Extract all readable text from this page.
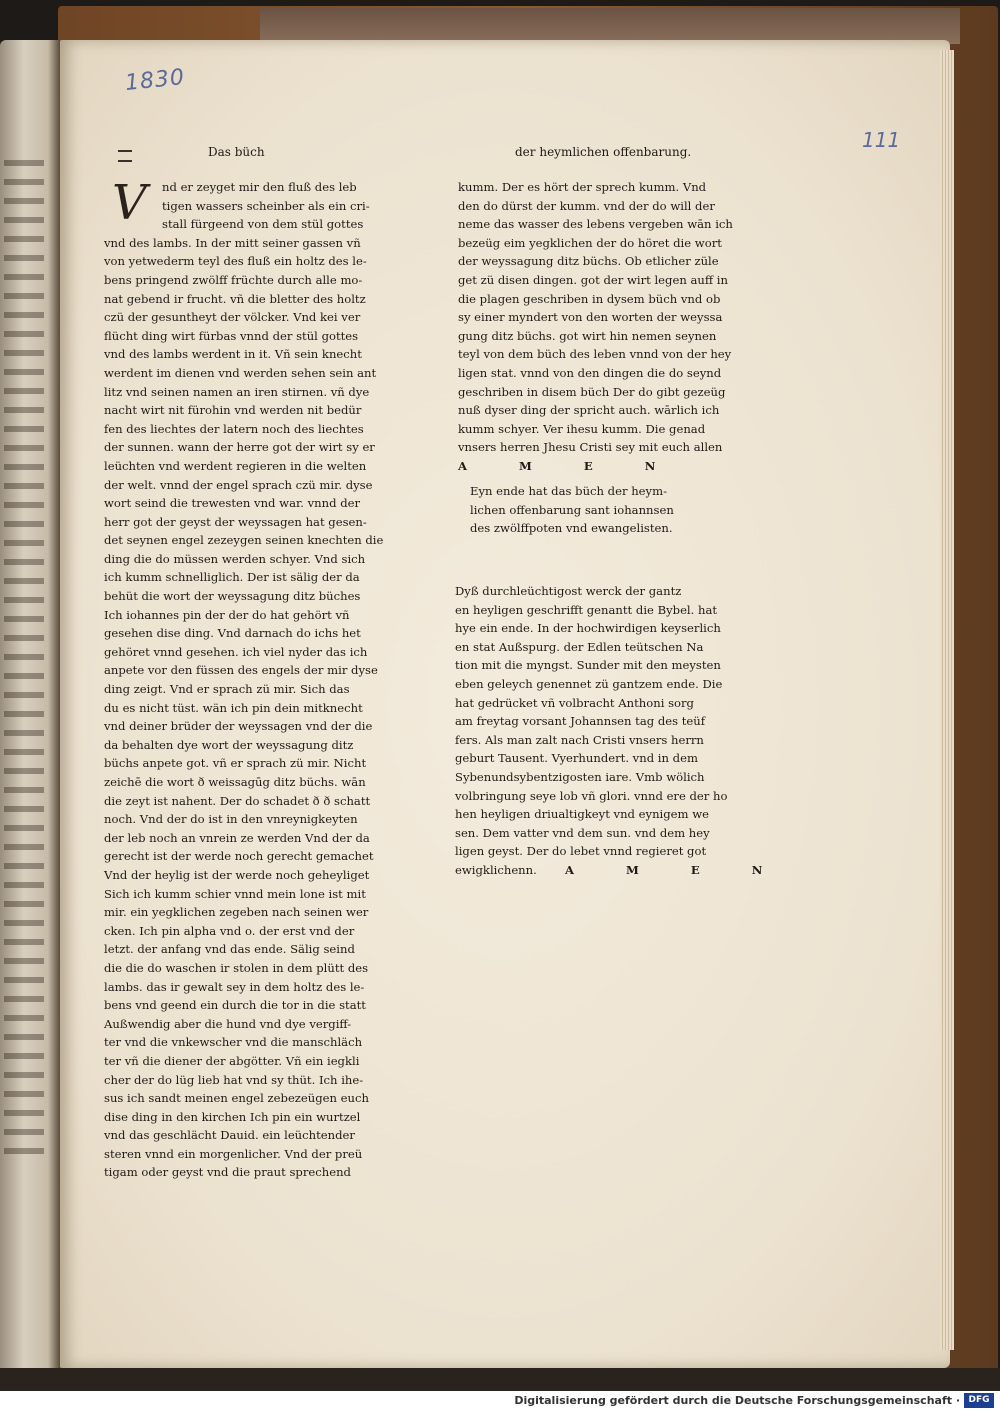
1830
111
Das büch	der heymlichen offenbarung.
V	nd er zeyget mir den fluß des leb
tigen wassers scheinber als ein cri-
stall fürgeend von dem stül gottes
vnd des lambs. In der mitt seiner gassen vñ
von yetwederm teyl des fluß ein holtz des le-
bens pringend zwölff früchte durch alle mo-
nat gebend ir frucht. vñ die bletter des holtz
czü der gesuntheyt der völcker. Vnd kei ver
flücht ding wirt fürbas vnnd der stül gottes
vnd des lambs werdent in it. Vñ sein knecht
werdent im dienen vnd werden sehen sein ant
litz vnd seinen namen an iren stirnen. vñ dye
nacht wirt nit fürohin vnd werden nit bedür
fen des liechtes der latern noch des liechtes
der sunnen. wann der herre got der wirt sy er
leüchten vnd werdent regieren in die welten
der welt. vnnd der engel sprach czü mir. dyse
wort seind die trewesten vnd war. vnnd der
herr got der geyst der weyssagen hat gesen-
det seynen engel zezeygen seinen knechten die
ding die do müssen werden schyer. Vnd sich
ich kumm schnelliglich. Der ist sälig der da
behüt die wort der weyssagung ditz büches
Ich iohannes pin der der do hat gehört vñ
gesehen dise ding. Vnd darnach do ichs het
gehöret vnnd gesehen. ich viel nyder das ich
anpete vor den füssen des engels der mir dyse
ding zeigt. Vnd er sprach zü mir. Sich das
du es nicht tüst. wän ich pin dein mitknecht
vnd deiner brüder der weyssagen vnd der die
da behalten dye wort der weyssagung ditz
büchs anpete got. vñ er sprach zü mir. Nicht
zeichē die wort ð weissagūg ditz büchs. wān
die zeyt ist nahent. Der do schadet ð ð schatt
noch. Vnd der do ist in den vnreynigkeyten
der leb noch an vnrein ze werden Vnd der da
gerecht ist der werde noch gerecht gemachet
Vnd der heylig ist der werde noch geheyliget
Sich ich kumm schier vnnd mein lone ist mit
mir. ein yegklichen zegeben nach seinen wer
cken. Ich pin alpha vnd o. der erst vnd der
letzt. der anfang vnd das ende. Sälig seind
die die do waschen ir stolen in dem plütt des
lambs. das ir gewalt sey in dem holtz des le-
bens vnd geend ein durch die tor in die statt
Außwendig aber die hund vnd dye vergiff-
ter vnd die vnkewscher vnd die manschläch
ter vñ die diener der abgötter. Vñ ein iegkli
cher der do lüg lieb hat vnd sy thüt. Ich ihe-
sus ich sandt meinen engel zebezeügen euch
dise ding in den kirchen Ich pin ein wurtzel
vnd das geschlächt Dauid. ein leüchtender
steren vnnd ein morgenlicher. Vnd der preü
tigam oder geyst vnd die praut sprechend
kumm. Der es hört der sprech kumm. Vnd
den do dürst der kumm. vnd der do will der
neme das wasser des lebens vergeben wān ich
bezeüg eim yegklichen der do höret die wort
der weyssagung ditz büchs. Ob etlicher züle
get zü disen dingen. got der wirt legen auff in
die plagen geschriben in dysem büch vnd ob
sy einer myndert von den worten der weyssa
gung ditz büchs. got wirt hin nemen seynen
teyl von dem büch des leben vnnd von der hey
ligen stat. vnnd von den dingen die do seynd
geschriben in disem büch Der do gibt gezeüg
nuß dyser ding der spricht auch. wārlich ich
kumm schyer. Ver ihesu kumm. Die genad
vnsers herren Jhesu Cristi sey mit euch allen
A M E N
Eyn ende hat das büch der heym-
lichen offenbarung sant iohannsen
des zwölffpoten vnd ewangelisten.
Dyß durchleüchtigost werck der gantz
en heyligen geschrifft genantt die Bybel. hat
hye ein ende. In der hochwirdigen keyserlich
en stat Außspurg. der Edlen teütschen Na
tion mit die myngst. Sunder mit den meysten
eben geleych genennet zü gantzem ende. Die
hat gedrücket vñ volbracht Anthoni sorg
am freytag vorsant Johannsen tag des teüf
fers. Als man zalt nach Cristi vnsers herrn
geburt Tausent. Vyerhundert. vnd in dem
Sybenundsybentzigosten iare. Vmb wölich
volbringung seye lob vñ glori. vnnd ere der ho
hen heyligen driualtigkeyt vnd eynigem we
sen. Dem vatter vnd dem sun. vnd dem hey
ligen geyst. Der do lebet vnnd regieret got
ewigklichenn.	A M E N
Digitalisierung gefördert durch die Deutsche Forschungsgemeinschaft · DFG
